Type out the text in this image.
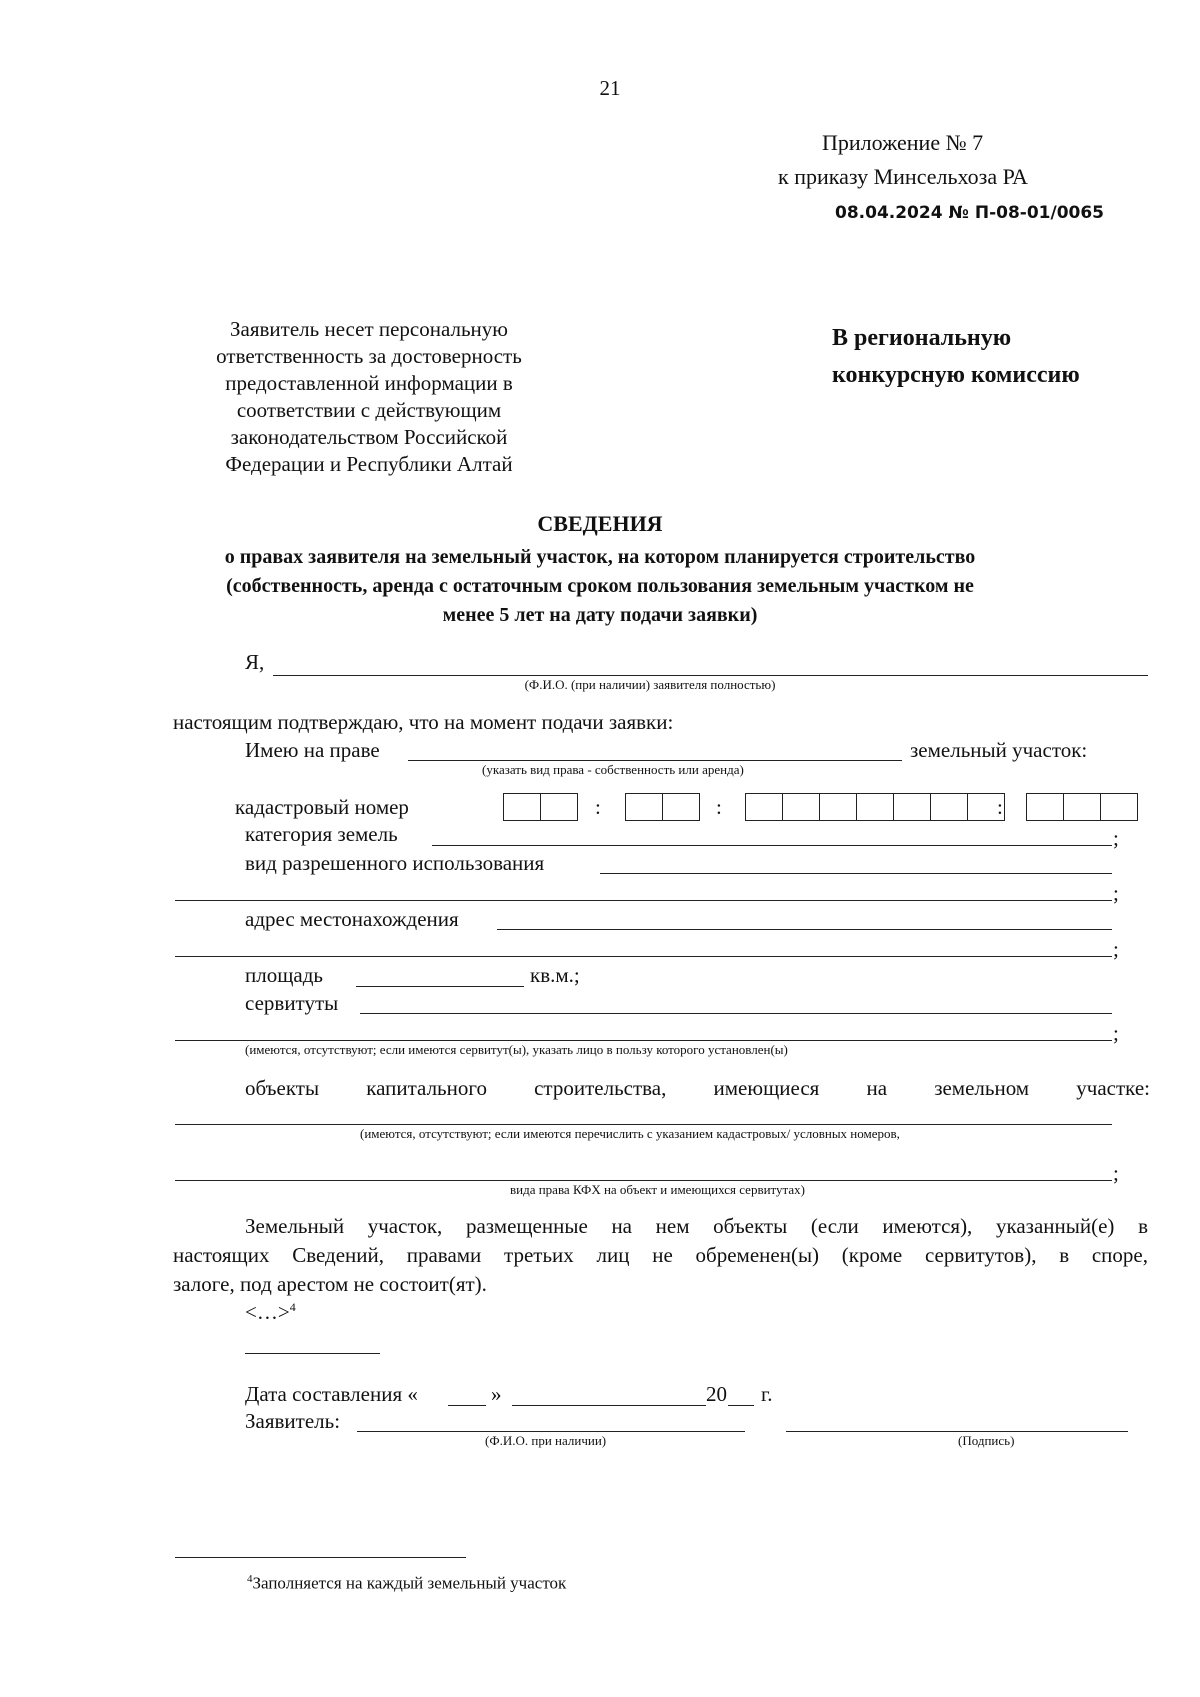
21
Приложение № 7
к приказу Минсельхоза РА
08.04.2024 № П-08-01/0065
Заявитель несет персональную
ответственность за достоверность
предоставленной информации в
соответствии с действующим
законодательством Российской
Федерации и Республики Алтай
В региональную
конкурсную комиссию
СВЕДЕНИЯ
о правах заявителя на земельный участок, на котором планируется строительство
(собственность, аренда с остаточным сроком пользования земельным участком не
менее 5 лет на дату подачи заявки)
Я,
(Ф.И.О. (при наличии) заявителя полностью)
настоящим подтверждаю, что на момент подачи заявки:
Имею на праве	земельный участок:
(указать вид права - собственность или аренда)
кадастровый номер	:	:	:
категория земель	;
вид разрешенного использования
;
адрес местонахождения
;
площадь	кв.м.;
сервитуты
;
(имеются, отсутствуют; если имеются сервитут(ы), указать лицо в пользу которого установлен(ы)
объекты капитального строительства, имеющиеся на земельном участке:
(имеются, отсутствуют; если имеются перечислить с указанием кадастровых/ условных номеров,
;
вида права КФХ на объект и имеющихся сервитутах)
Земельный участок, размещенные на нем объекты (если имеются), указанный(е) в
настоящих Сведений, правами третьих лиц не обременен(ы) (кроме сервитутов), в споре,
залоге, под арестом не состоит(ят).
<…>$^4$
Дата составления «	»	20 г.
Заявитель:
(Ф.И.О. при наличии)	(Подпись)
$^4$Заполняется на каждый земельный участок
